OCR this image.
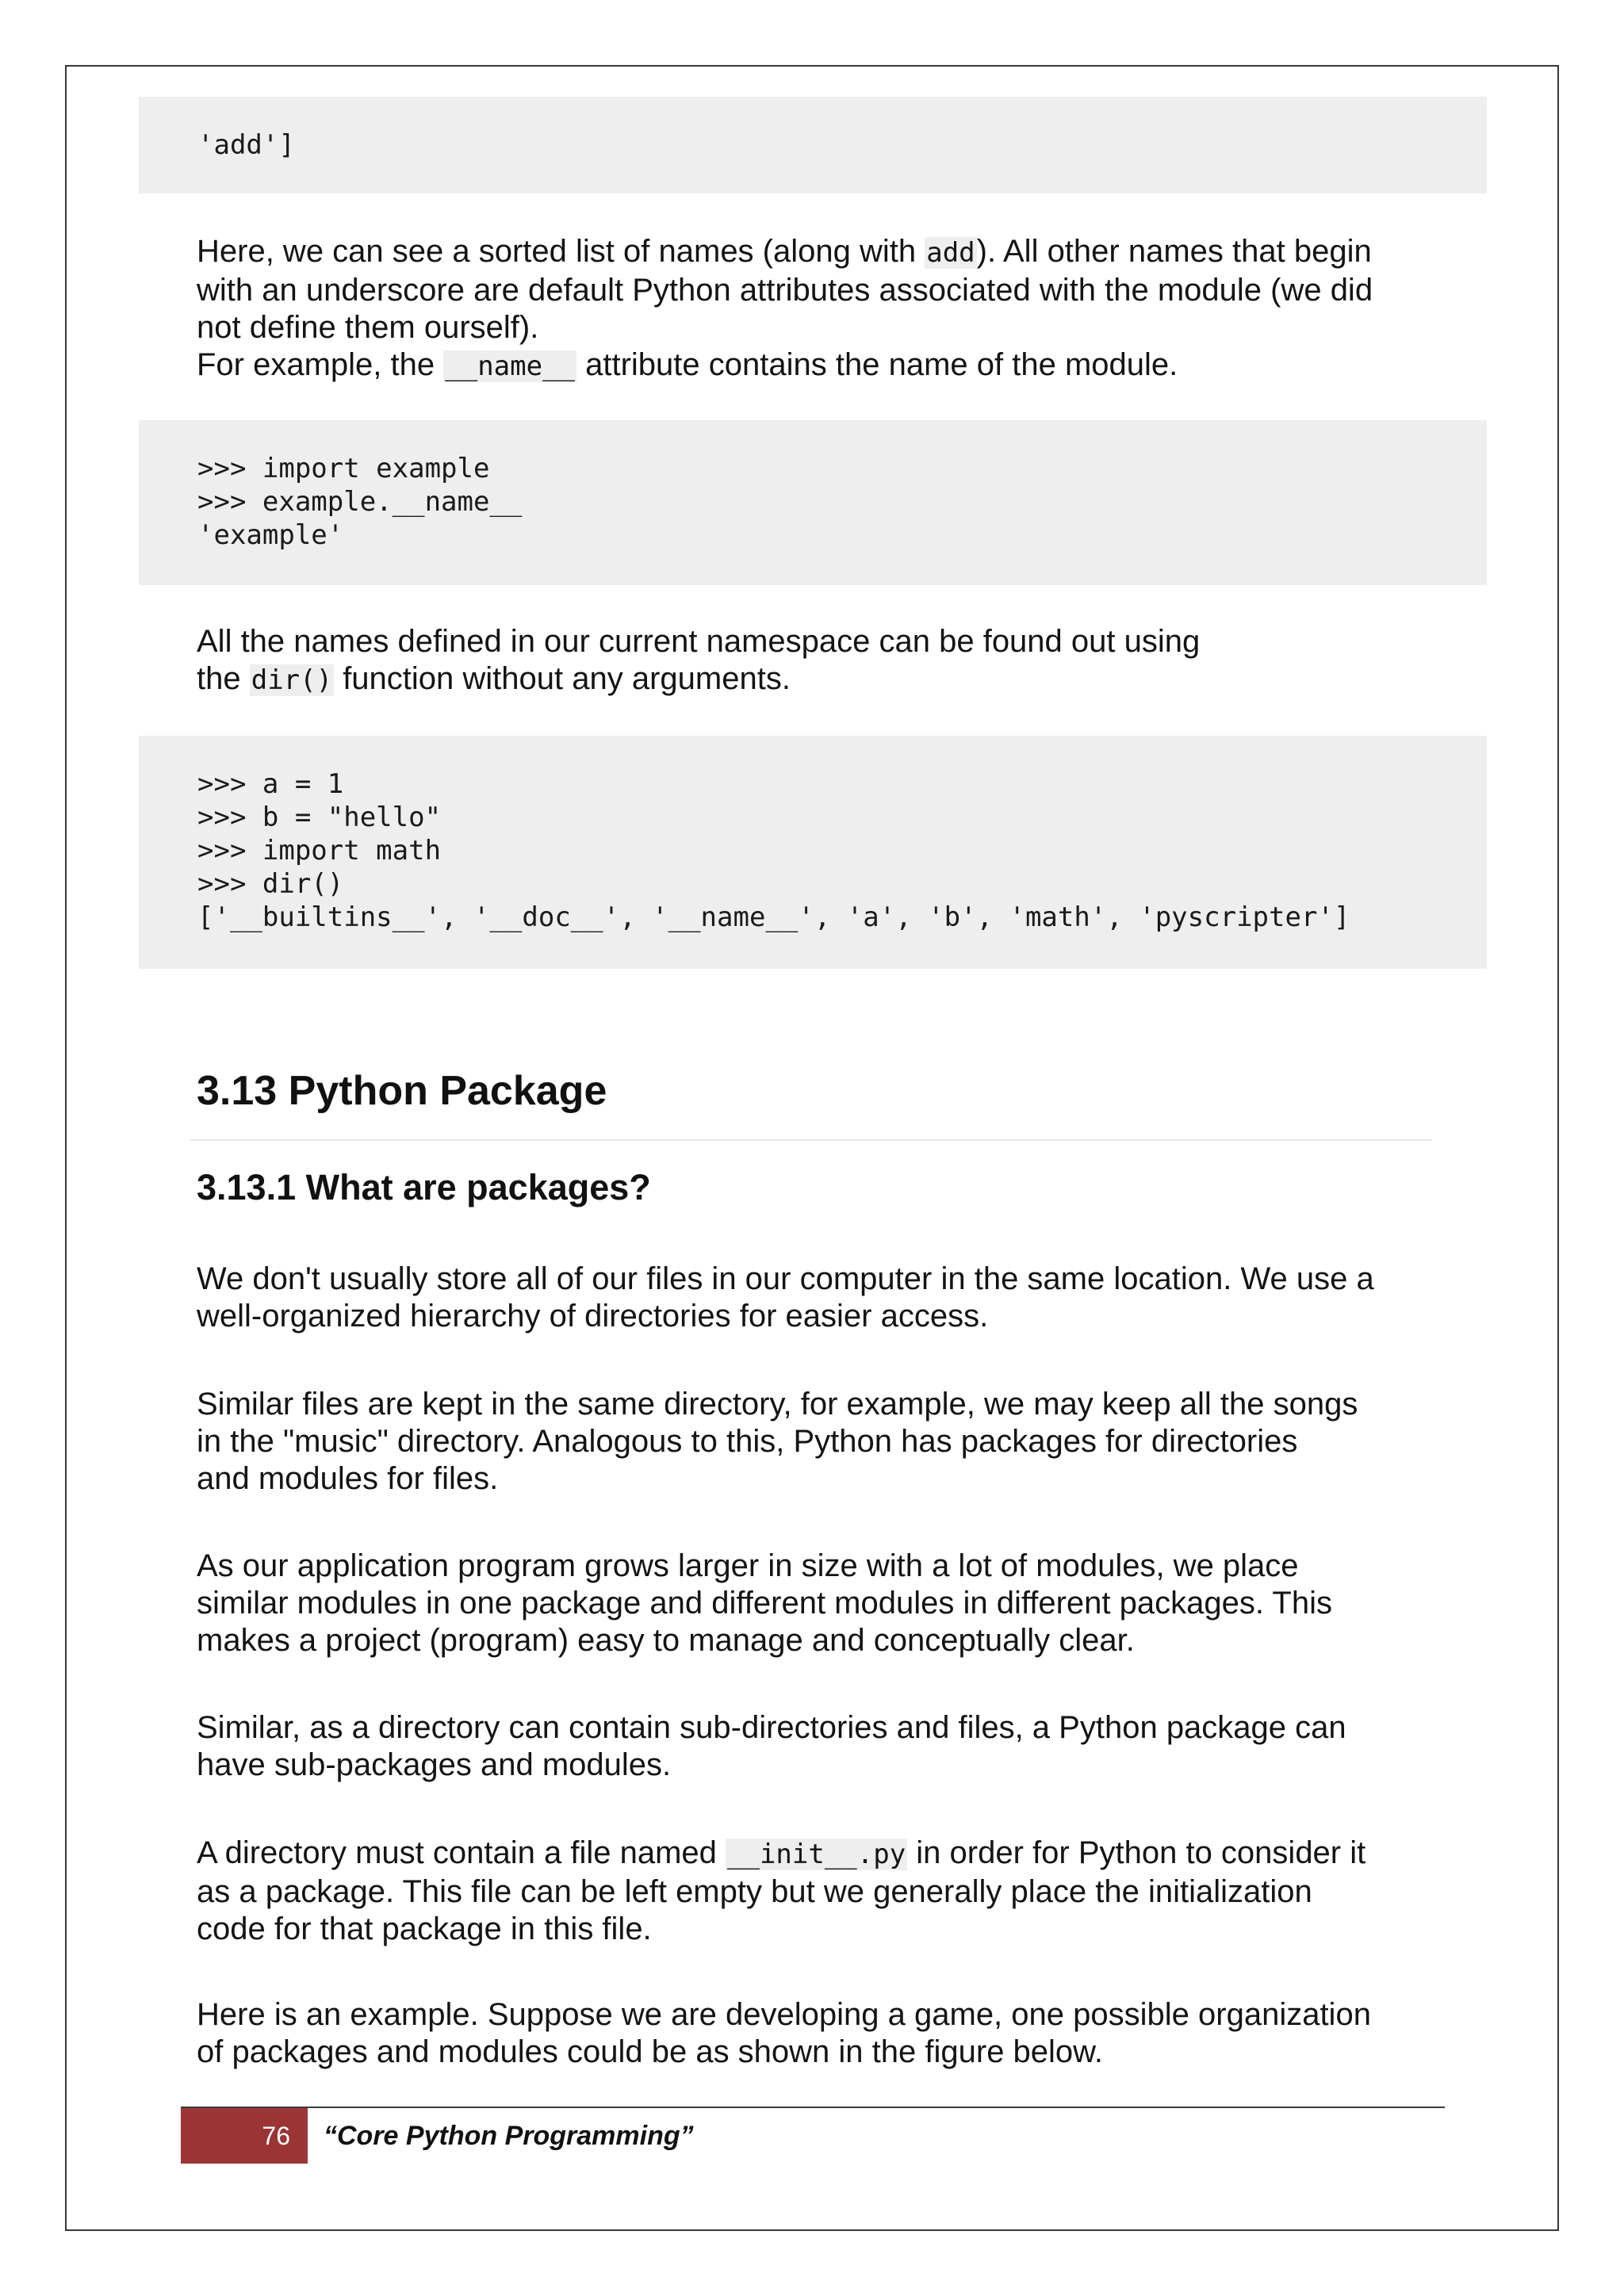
'add']
Here, we can see a sorted list of names (along with add). All other names that begin
with an underscore are default Python attributes associated with the module (we did
not define them ourself).
For example, the __name__ attribute contains the name of the module.
>>> import example
>>> example.__name__
'example'
All the names defined in our current namespace can be found out using
the dir() function without any arguments.
>>> a = 1
>>> b = "hello"
>>> import math
>>> dir()
['__builtins__', '__doc__', '__name__', 'a', 'b', 'math', 'pyscripter']
3.13 Python Package
3.13.1 What are packages?
We don't usually store all of our files in our computer in the same location. We use a
well-organized hierarchy of directories for easier access.
Similar files are kept in the same directory, for example, we may keep all the songs
in the "music" directory. Analogous to this, Python has packages for directories
and modules for files.
As our application program grows larger in size with a lot of modules, we place
similar modules in one package and different modules in different packages. This
makes a project (program) easy to manage and conceptually clear.
Similar, as a directory can contain sub-directories and files, a Python package can
have sub-packages and modules.
A directory must contain a file named __init__.py in order for Python to consider it
as a package. This file can be left empty but we generally place the initialization
code for that package in this file.
Here is an example. Suppose we are developing a game, one possible organization
of packages and modules could be as shown in the figure below.
76	“Core Python Programming”
